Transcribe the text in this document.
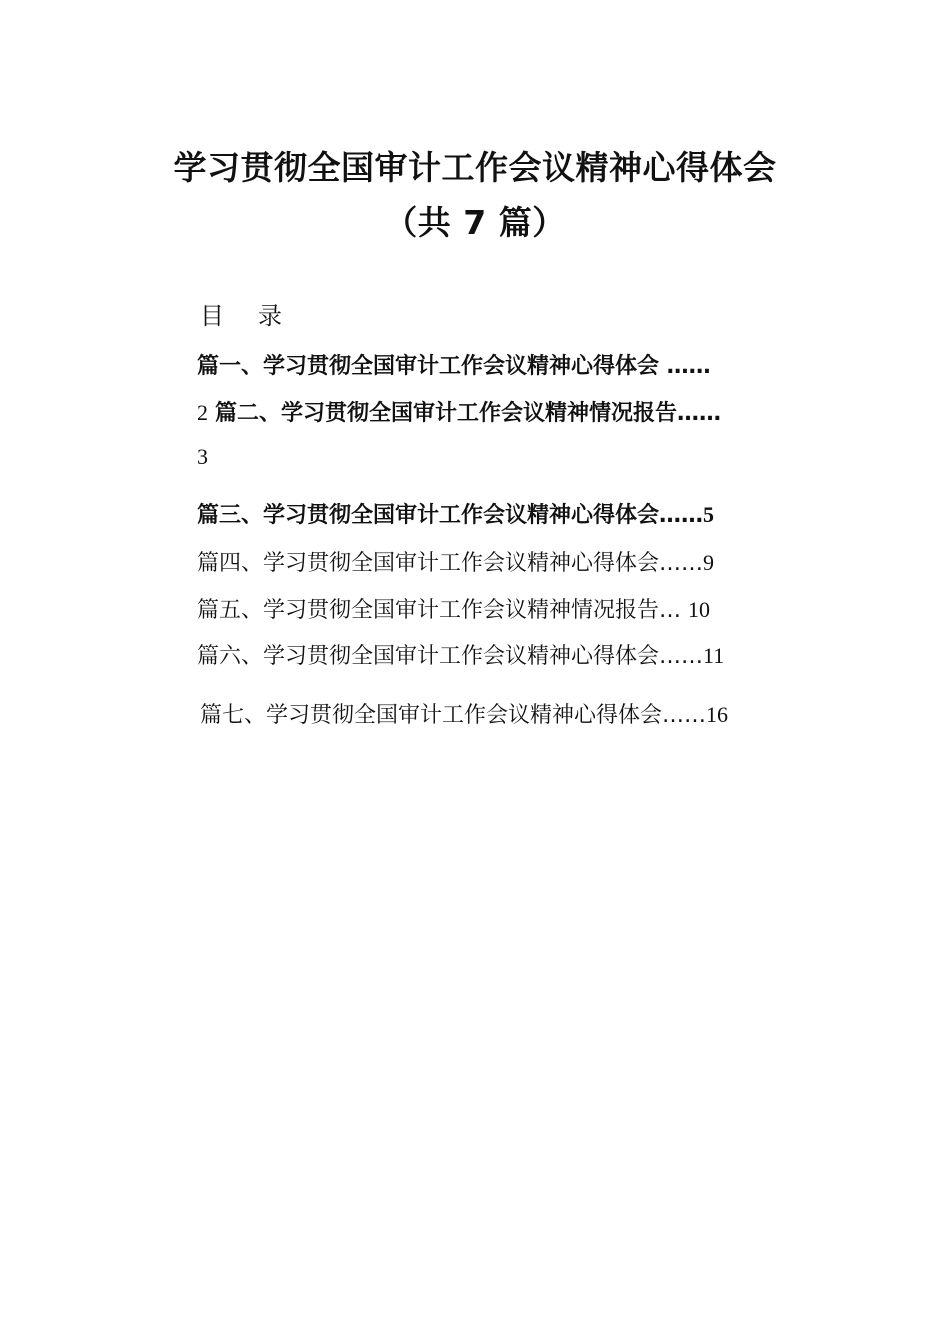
学习贯彻全国审计工作会议精神心得体会
（共 7 篇）
目 录
篇一、学习贯彻全国审计工作会议精神心得体会 ……
2 篇二、学习贯彻全国审计工作会议精神情况报告……
3
篇三、学习贯彻全国审计工作会议精神心得体会……5
篇四、学习贯彻全国审计工作会议精神心得体会……9
篇五、学习贯彻全国审计工作会议精神情况报告… 10
篇六、学习贯彻全国审计工作会议精神心得体会……11
篇七、学习贯彻全国审计工作会议精神心得体会……16
